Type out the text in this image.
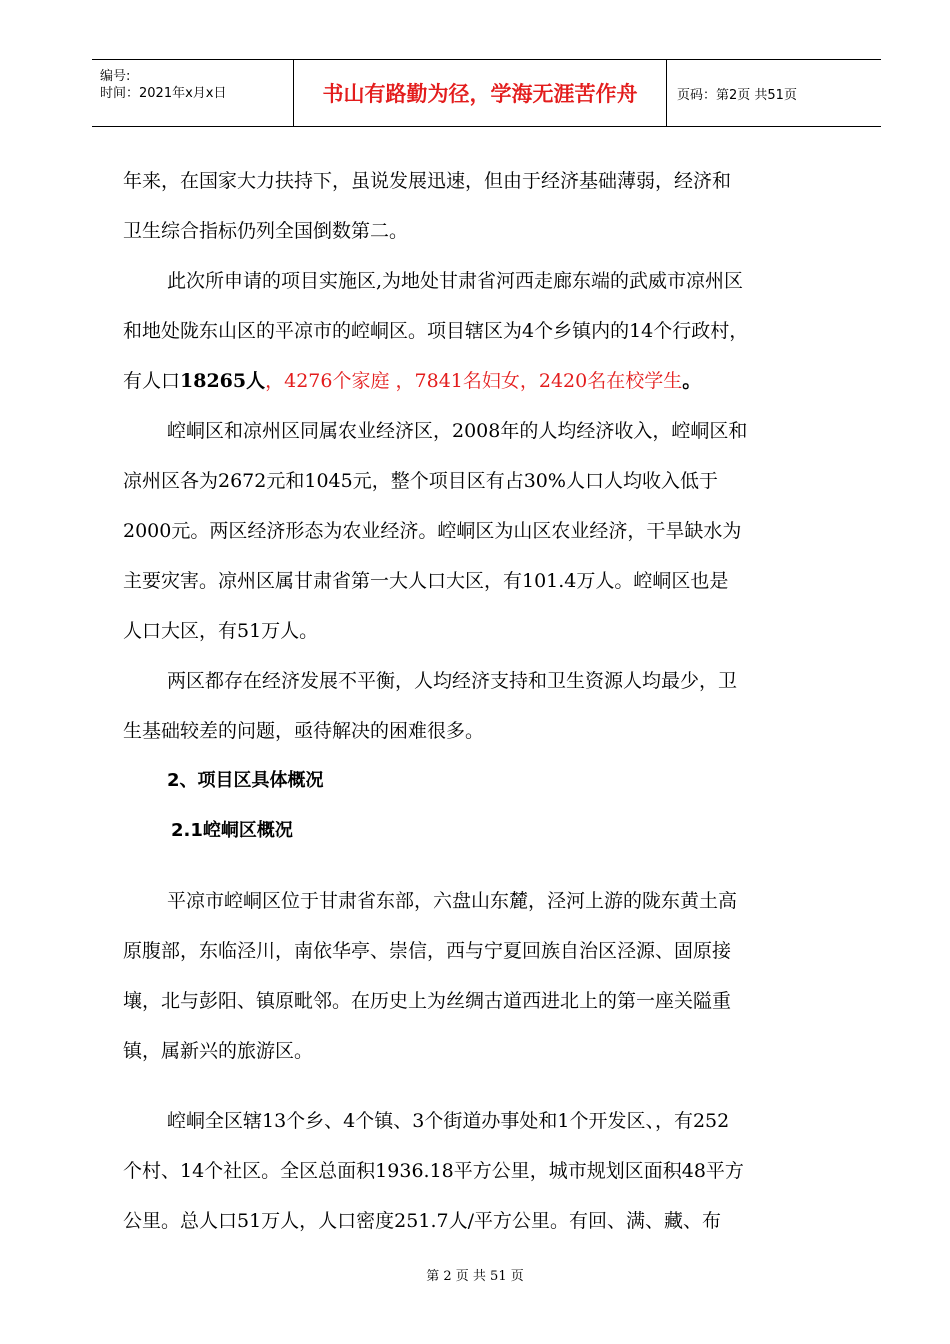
编号:
时间：2021年x月x日	书山有路勤为径，学海无涯苦作舟	页码：第2页 共51页
年来，在国家大力扶持下，虽说发展迅速，但由于经济基础薄弱，经济和
卫生综合指标仍列全国倒数第二。
此次所申请的项目实施区,为地处甘肃省河西走廊东端的武威市凉州区
和地处陇东山区的平凉市的崆峒区。项目辖区为4个乡镇内的14个行政村，
有人口18265人，4276个家庭 ，7841名妇女，2420名在校学生。
崆峒区和凉州区同属农业经济区，2008年的人均经济收入，崆峒区和
凉州区各为2672元和1045元，整个项目区有占30%人口人均收入低于
2000元。两区经济形态为农业经济。崆峒区为山区农业经济，干旱缺水为
主要灾害。凉州区属甘肃省第一大人口大区，有101.4万人。崆峒区也是
人口大区，有51万人。
两区都存在经济发展不平衡，人均经济支持和卫生资源人均最少，卫
生基础较差的问题，亟待解决的困难很多。
2、项目区具体概况
2.1崆峒区概况
平凉市崆峒区位于甘肃省东部，六盘山东麓，泾河上游的陇东黄土高
原腹部，东临泾川，南依华亭、崇信，西与宁夏回族自治区泾源、固原接
壤，北与彭阳、镇原毗邻。在历史上为丝绸古道西进北上的第一座关隘重
镇，属新兴的旅游区。
崆峒全区辖13个乡、4个镇、3个街道办事处和1个开发区、，有252
个村、14个社区。全区总面积1936.18平方公里，城市规划区面积48平方
公里。总人口51万人，人口密度251.7人/平方公里。有回、满、藏、布
第 2 页 共 51 页
